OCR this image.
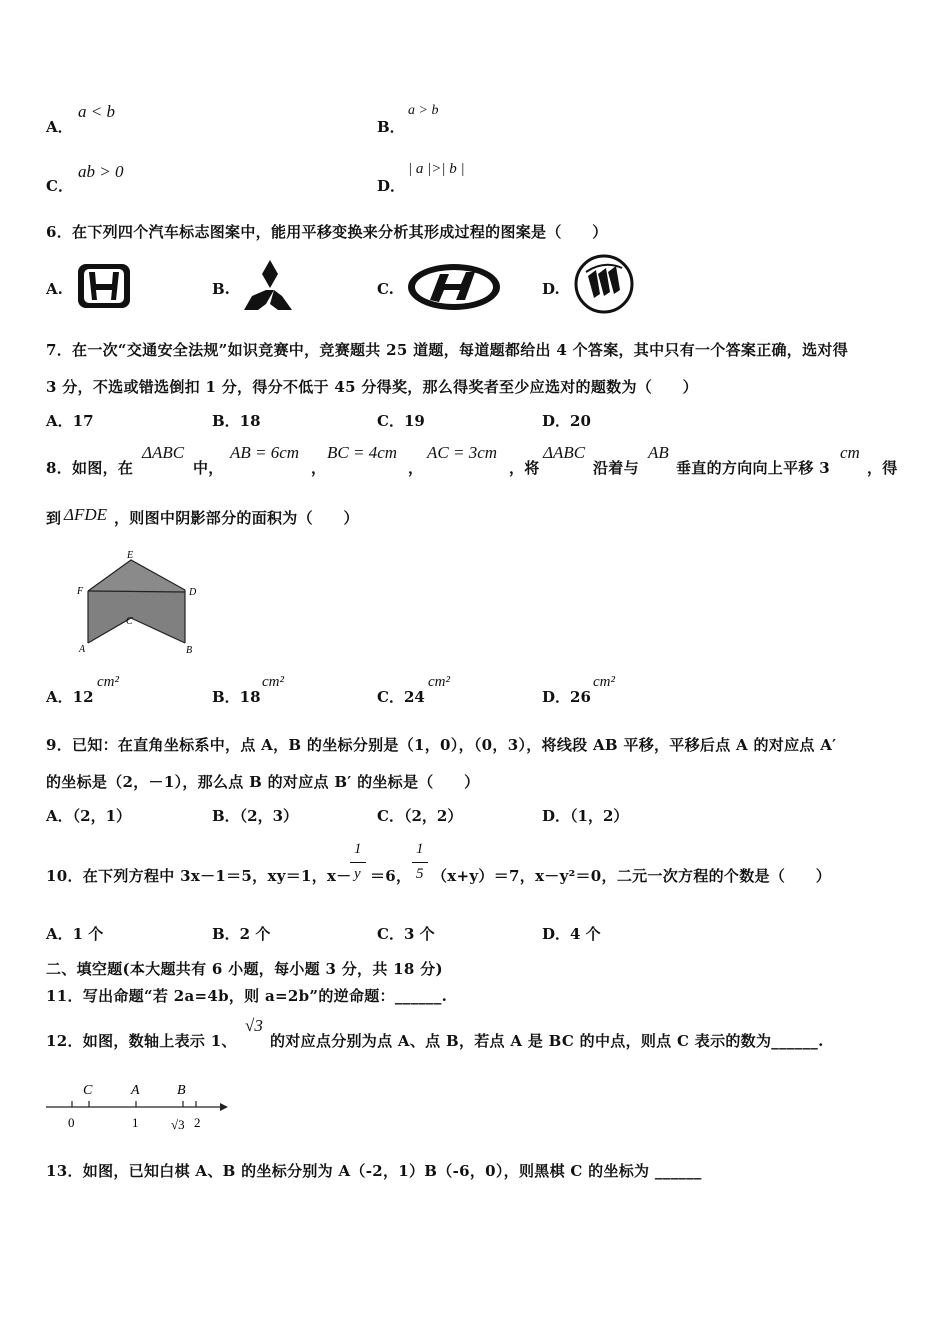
A．
a < b
B．
a > b
C．
ab > 0
D．
| a |>| b |
6．在下列四个汽车标志图案中，能用平移变换来分析其形成过程的图案是（　　）
A.	B.	C.	D.
7．在一次“交通安全法规”如识竞赛中，竞赛题共 25 道题，每道题都给出 4 个答案，其中只有一个答案正确，选对得
3 分，不选或错选倒扣 1 分，得分不低于 45 分得奖，那么得奖者至少应选对的题数为（　　）
A．17	B．18	C．19	D．20
8．如图，在
ΔABC
中，
AB = 6cm
，
BC = 4cm
，
AC = 3cm
，将
ΔABC
沿着与
AB
垂直的方向向上平移 3
cm
，得
到 ΔFDE ，则图中阴影部分的面积为（　　）
E
F	D
C
A	B
A．12
cm²
B．18
cm²
C．24
cm²
D．26
cm²
9．已知：在直角坐标系中，点 A，B 的坐标分别是（1，0），（0，3），将线段 AB 平移，平移后点 A 的对应点 A′
的坐标是（2，－1），那么点 B 的对应点 B′ 的坐标是（　　）
A．（2，1）	B．（2，3）	C．（2，2）	D．（1，2）
10．在下列方程中 3x－1＝5，xy＝1，x－
1
y ＝6，
1
5 （x+y）＝7，x－y²＝0，二元一次方程的个数是（　　）
A．1 个	B．2 个	C．3 个	D．4 个
二、填空题(本大题共有 6 小题，每小题 3 分，共 18 分)
11．写出命题“若 2a=4b，则 a=2b”的逆命题：______.
12．如图，数轴上表示 1、
√3
的对应点分别为点 A、点 B，若点 A 是 BC 的中点，则点 C 表示的数为______.
C	A	B
0	1	√3 2
13．如图，已知白棋 A、B 的坐标分别为 A（-2，1）B（-6，0），则黑棋 C 的坐标为 ______
